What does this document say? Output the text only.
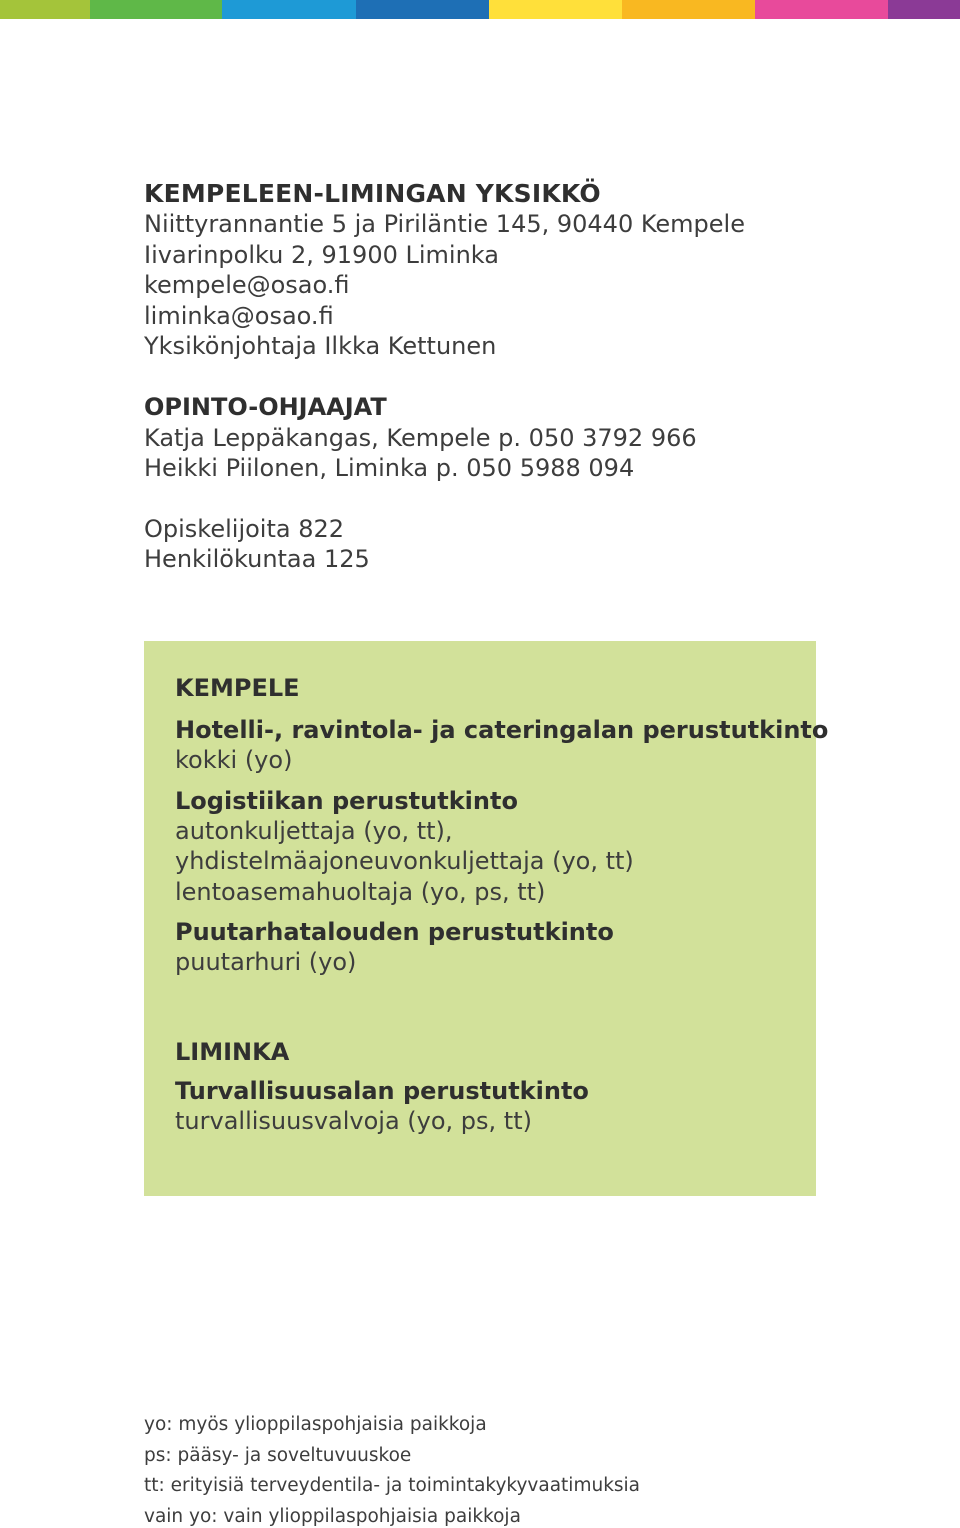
KEMPELEEN-LIMINGAN YKSIKKÖ
Niittyrannantie 5 ja Piriläntie 145, 90440 Kempele
Iivarinpolku 2, 91900 Liminka
kempele@osao.fi
liminka@osao.fi
Yksikönjohtaja Ilkka Kettunen
OPINTO-OHJAAJAT
Katja Leppäkangas, Kempele p. 050 3792 966
Heikki Piilonen, Liminka p. 050 5988 094
Opiskelijoita 822
Henkilökuntaa 125
KEMPELE
Hotelli-, ravintola- ja cateringalan perustutkinto
kokki (yo)
Logistiikan perustutkinto
autonkuljettaja (yo, tt),
yhdistelmäajoneuvonkuljettaja (yo, tt)
lentoasemahuoltaja (yo, ps, tt)
Puutarhatalouden perustutkinto
puutarhuri (yo)
LIMINKA
Turvallisuusalan perustutkinto
turvallisuusvalvoja (yo, ps, tt)
yo: myös ylioppilaspohjaisia paikkoja
ps: pääsy- ja soveltuvuuskoe
tt: erityisiä terveydentila- ja toimintakykyvaatimuksia
vain yo: vain ylioppilaspohjaisia paikkoja
